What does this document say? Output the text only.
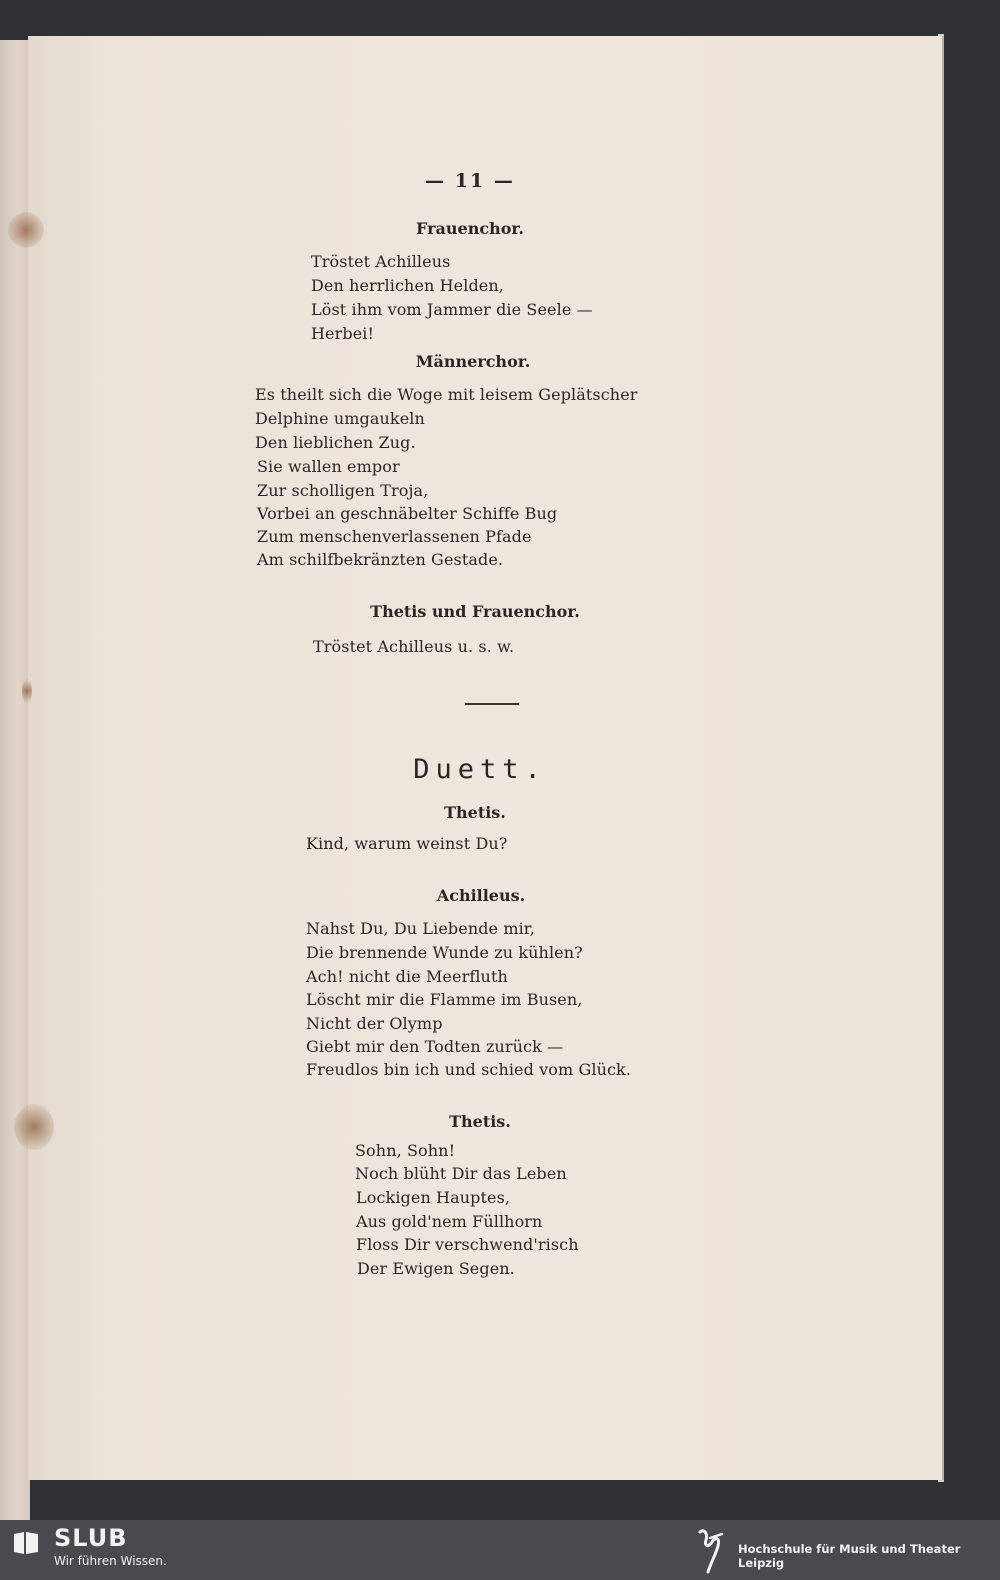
— 11 —
Frauenchor.
Tröstet Achilleus
Den herrlichen Helden,
Löst ihm vom Jammer die Seele —
Herbei!
Männerchor.
Es theilt sich die Woge mit leisem Geplätscher
Delphine umgaukeln
Den lieblichen Zug.
Sie wallen empor
Zur scholligen Troja,
Vorbei an geschnäbelter Schiffe Bug
Zum menschenverlassenen Pfade
Am schilfbekränzten Gestade.
Thetis und Frauenchor.
Tröstet Achilleus u. s. w.
Duett.
Thetis.
Kind, warum weinst Du?
Achilleus.
Nahst Du, Du Liebende mir,
Die brennende Wunde zu kühlen?
Ach! nicht die Meerfluth
Löscht mir die Flamme im Busen,
Nicht der Olymp
Giebt mir den Todten zurück —
Freudlos bin ich und schied vom Glück.
Thetis.
Sohn, Sohn!
Noch blüht Dir das Leben
Lockigen Hauptes,
Aus gold'nem Füllhorn
Floss Dir verschwend'risch
Der Ewigen Segen.
SLUB
Wir führen Wissen.
Hochschule für Musik und Theater Leipzig
